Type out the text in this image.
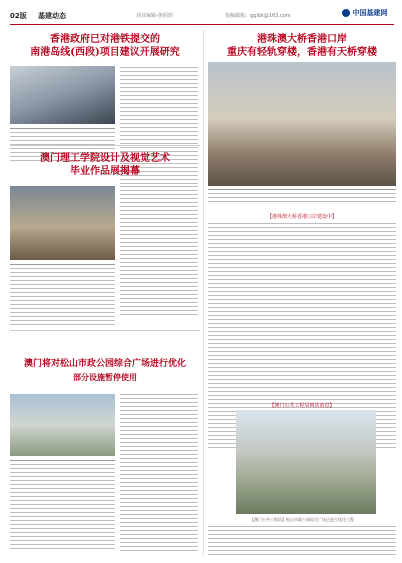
02版 基建动态	项目编辑-黄炳玥	投稿邮箱：ggibk@163.com	中国基建网
香港政府已对港铁提交的
南港岛线(西段)项目建议开展研究
港珠澳大桥香港口岸
重庆有轻轨穿楼，香港有天桥穿楼
【港珠澳大桥香港口岸建设中】
澳门理工学院设计及视觉艺术
毕业作品展揭幕
澳门将对松山市政公园综合广场进行优化
部分设施暂停使用
【澳门公共工程局网站消息】
【澳门公共工程局】松山市政公园综合广场正进行优化工程
